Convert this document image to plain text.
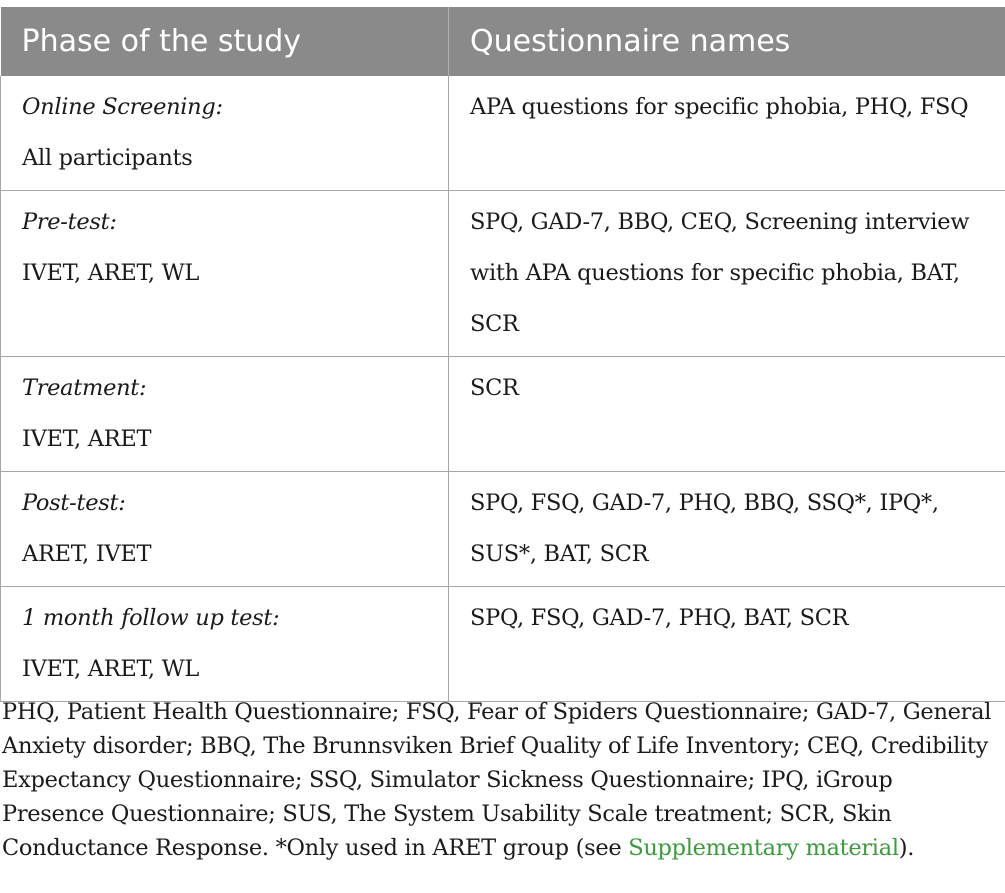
Phase of the study	Questionnaire names

Online Screening:
All participants	APA questions for specific phobia, PHQ, FSQ

Pre-test:
IVET, ARET, WL	SPQ, GAD-7, BBQ, CEQ, Screening interview with APA questions for specific phobia, BAT, SCR

Treatment:
IVET, ARET	SCR

Post-test:
ARET, IVET	SPQ, FSQ, GAD-7, PHQ, BBQ, SSQ*, IPQ*, SUS*, BAT, SCR

1 month follow up test:
IVET, ARET, WL	SPQ, FSQ, GAD-7, PHQ, BAT, SCR
PHQ, Patient Health Questionnaire; FSQ, Fear of Spiders Questionnaire; GAD-7, General Anxiety disorder; BBQ, The Brunnsviken Brief Quality of Life Inventory; CEQ, Credibility Expectancy Questionnaire; SSQ, Simulator Sickness Questionnaire; IPQ, iGroup Presence Questionnaire; SUS, The System Usability Scale treatment; SCR, Skin Conductance Response. *Only used in ARET group (see Supplementary material).
